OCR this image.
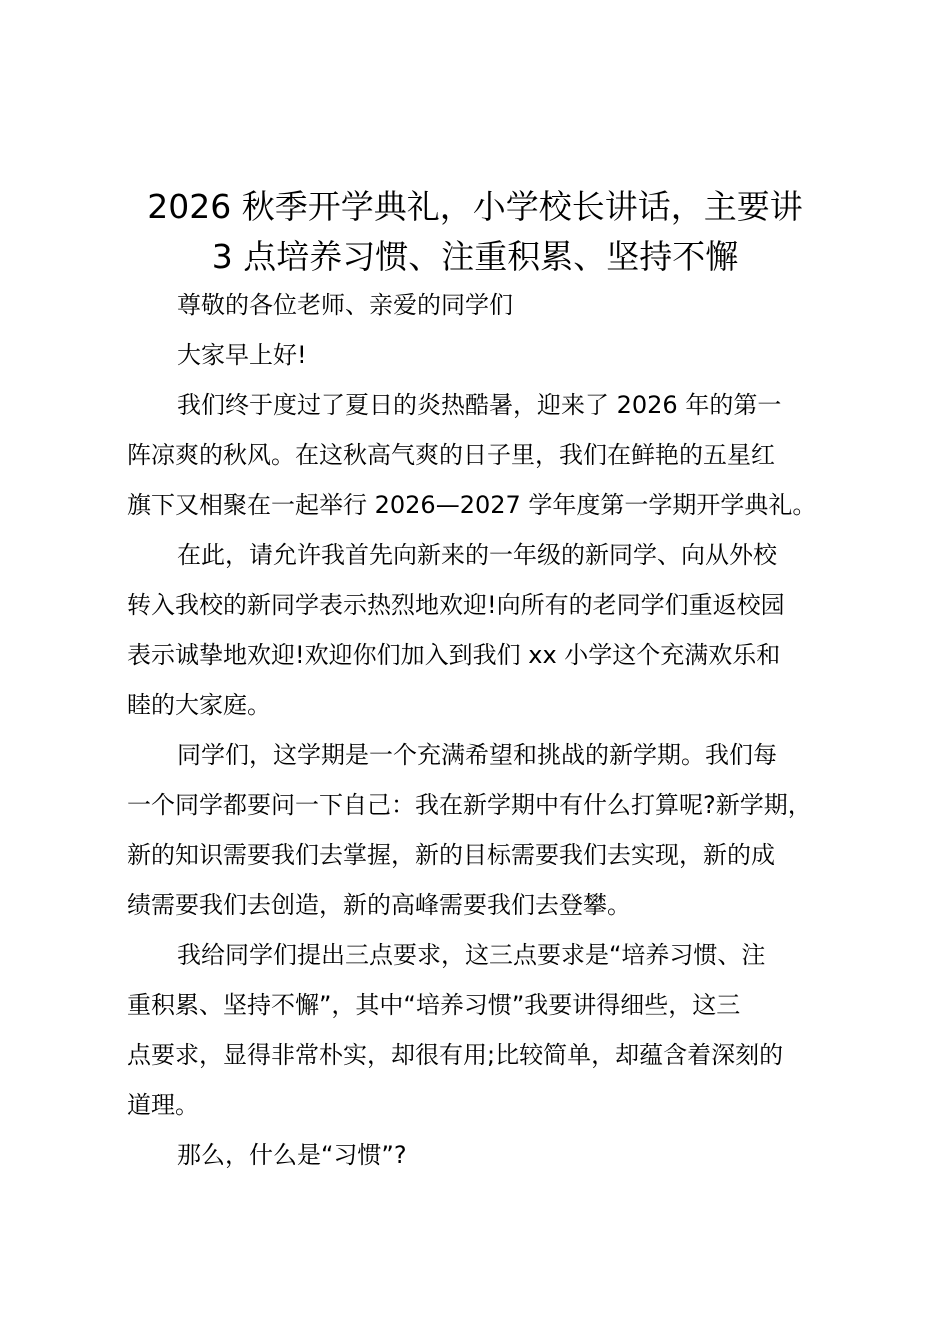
2026 秋季开学典礼，小学校长讲话，主要讲
3 点培养习惯、注重积累、坚持不懈
尊敬的各位老师、亲爱的同学们
大家早上好!
我们终于度过了夏日的炎热酷暑，迎来了 2026 年的第一
阵凉爽的秋风。在这秋高气爽的日子里，我们在鲜艳的五星红
旗下又相聚在一起举行 2026—2027 学年度第一学期开学典礼。
在此，请允许我首先向新来的一年级的新同学、向从外校
转入我校的新同学表示热烈地欢迎!向所有的老同学们重返校园
表示诚挚地欢迎!欢迎你们加入到我们 xx 小学这个充满欢乐和
睦的大家庭。
同学们，这学期是一个充满希望和挑战的新学期。我们每
一个同学都要问一下自己：我在新学期中有什么打算呢?新学期，
新的知识需要我们去掌握，新的目标需要我们去实现，新的成
绩需要我们去创造，新的高峰需要我们去登攀。
我给同学们提出三点要求，这三点要求是“培养习惯、注
重积累、坚持不懈”，其中“培养习惯”我要讲得细些，这三
点要求，显得非常朴实，却很有用;比较简单，却蕴含着深刻的
道理。
那么，什么是“习惯”?
